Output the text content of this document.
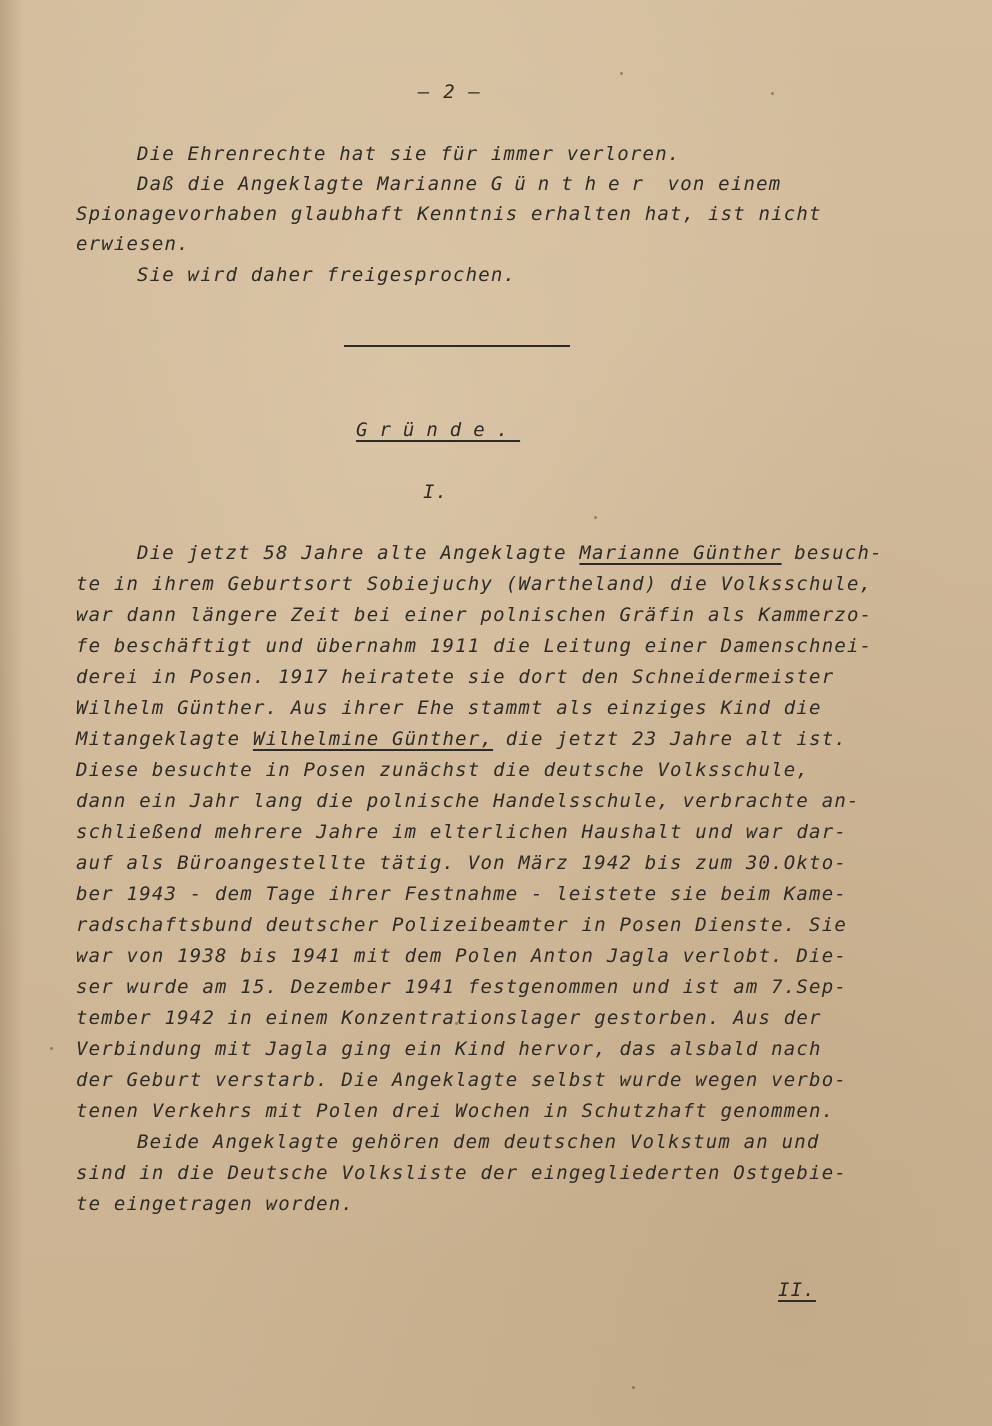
– 2 –
Die Ehrenrechte hat sie für immer verloren.
Daß die Angeklagte Marianne Günther von einem
Spionagevorhaben glaubhaft Kenntnis erhalten hat, ist nicht
erwiesen.
Sie wird daher freigesprochen.
Gründe.
I.
Die jetzt 58 Jahre alte Angeklagte Marianne Günther besuch-
te in ihrem Geburtsort Sobiejuchy (Wartheland) die Volksschule,
war dann längere Zeit bei einer polnischen Gräfin als Kammerzo-
fe beschäftigt und übernahm 1911 die Leitung einer Damenschnei-
derei in Posen. 1917 heiratete sie dort den Schneidermeister
Wilhelm Günther. Aus ihrer Ehe stammt als einziges Kind die
Mitangeklagte Wilhelmine Günther, die jetzt 23 Jahre alt ist.
Diese besuchte in Posen zunächst die deutsche Volksschule,
dann ein Jahr lang die polnische Handelsschule, verbrachte an-
schließend mehrere Jahre im elterlichen Haushalt und war dar-
auf als Büroangestellte tätig. Von März 1942 bis zum 30.Okto-
ber 1943 - dem Tage ihrer Festnahme - leistete sie beim Kame-
radschaftsbund deutscher Polizeibeamter in Posen Dienste. Sie
war von 1938 bis 1941 mit dem Polen Anton Jagla verlobt. Die-
ser wurde am 15. Dezember 1941 festgenommen und ist am 7.Sep-
tember 1942 in einem Konzentrationslager gestorben. Aus der
Verbindung mit Jagla ging ein Kind hervor, das alsbald nach
der Geburt verstarb. Die Angeklagte selbst wurde wegen verbo-
tenen Verkehrs mit Polen drei Wochen in Schutzhaft genommen.
Beide Angeklagte gehören dem deutschen Volkstum an und
sind in die Deutsche Volksliste der eingegliederten Ostgebie-
te eingetragen worden.
II.
